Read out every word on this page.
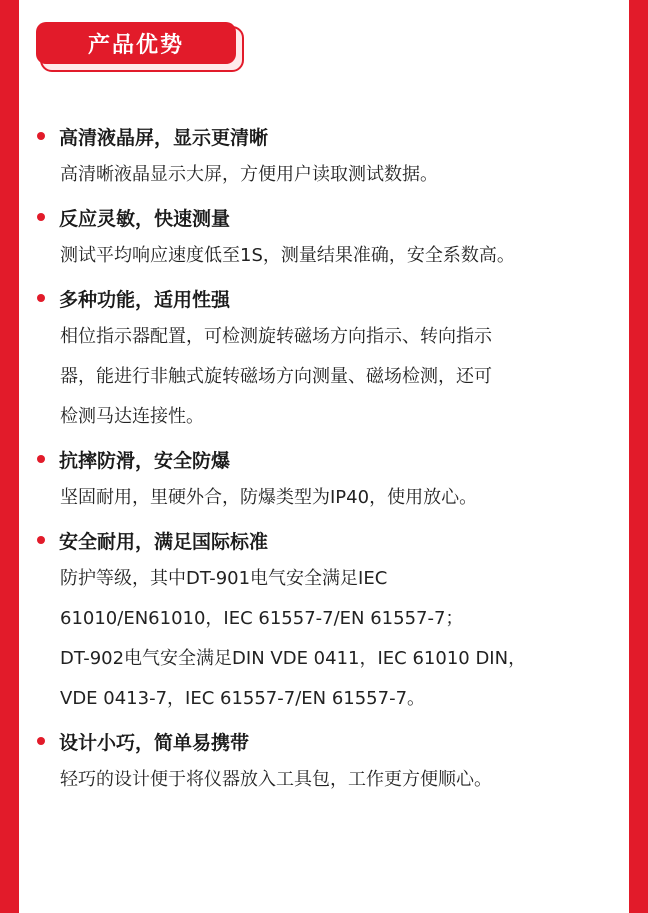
产品优势
高清液晶屏，显示更清晰
高清晰液晶显示大屏，方便用户读取测试数据。
反应灵敏，快速测量
测试平均响应速度低至1S，测量结果准确，安全系数高。
多种功能，适用性强
相位指示器配置，可检测旋转磁场方向指示、转向指示
器，能进行非触式旋转磁场方向测量、磁场检测，还可
检测马达连接性。
抗摔防滑，安全防爆
坚固耐用，里硬外合，防爆类型为IP40，使用放心。
安全耐用，满足国际标准
防护等级，其中DT-901电气安全满足IEC
61010/EN61010，IEC 61557-7/EN 61557-7；
DT-902电气安全满足DIN VDE 0411，IEC 61010 DIN，
VDE 0413-7，IEC 61557-7/EN 61557-7。
设计小巧，简单易携带
轻巧的设计便于将仪器放入工具包，工作更方便顺心。
